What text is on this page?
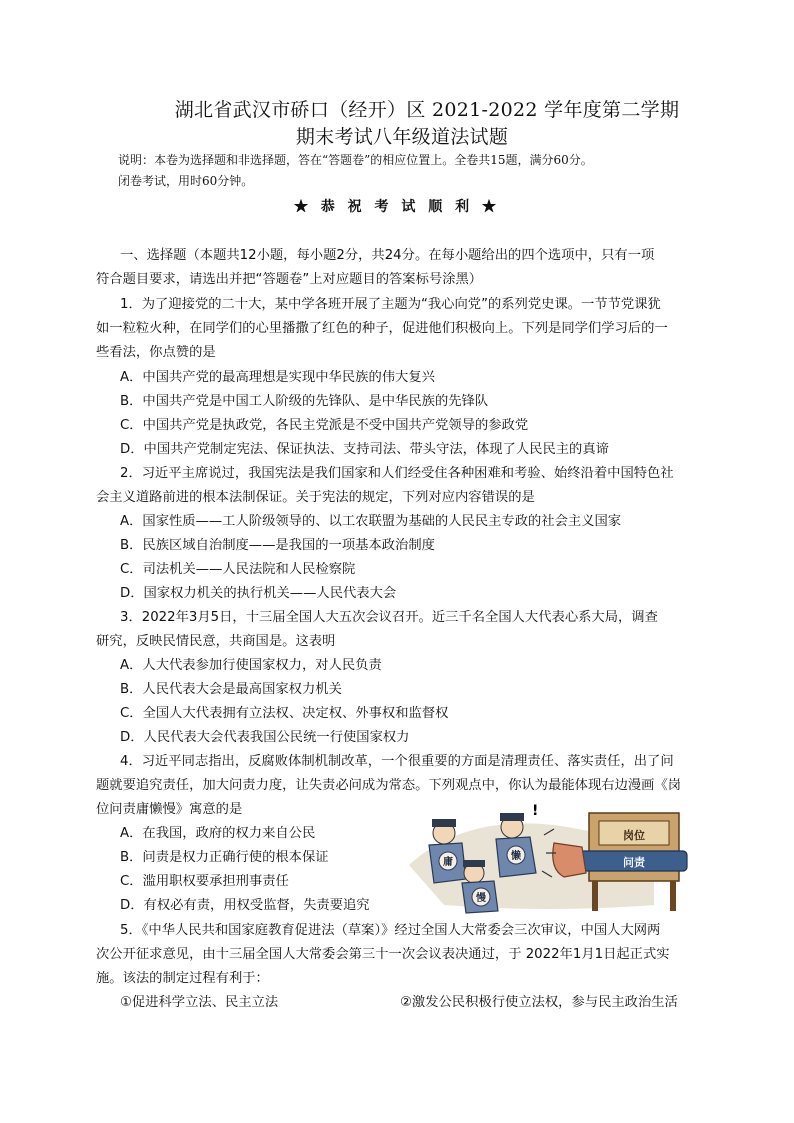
湖北省武汉市硚口（经开）区 2021-2022 学年度第二学期
期末考试八年级道法试题
说明：本卷为选择题和非选择题，答在“答题卷”的相应位置上。全卷共15题，满分60分。
闭卷考试，用时60分钟。
★ 恭 祝 考 试 顺 利 ★
一、选择题（本题共12小题，每小题2分，共24分。在每小题给出的四个选项中，只有一项
符合题目要求，请选出并把“答题卷”上对应题目的答案标号涂黑）
1．为了迎接党的二十大，某中学各班开展了主题为“我心向党”的系列党史课。一节节党课犹
如一粒粒火种，在同学们的心里播撒了红色的种子，促进他们积极向上。下列是同学们学习后的一
些看法，你点赞的是
A．中国共产党的最高理想是实现中华民族的伟大复兴
B．中国共产党是中国工人阶级的先锋队、是中华民族的先锋队
C．中国共产党是执政党，各民主党派是不受中国共产党领导的参政党
D．中国共产党制定宪法、保证执法、支持司法、带头守法，体现了人民民主的真谛
2．习近平主席说过，我国宪法是我们国家和人们经受住各种困难和考验、始终沿着中国特色社
会主义道路前进的根本法制保证。关于宪法的规定，下列对应内容错误的是
A．国家性质——工人阶级领导的、以工农联盟为基础的人民民主专政的社会主义国家
B．民族区域自治制度——是我国的一项基本政治制度
C．司法机关——人民法院和人民检察院
D．国家权力机关的执行机关——人民代表大会
3．2022年3月5日，十三届全国人大五次会议召开。近三千名全国人大代表心系大局，调查
研究，反映民情民意，共商国是。这表明
A．人大代表参加行使国家权力，对人民负责
B．人民代表大会是最高国家权力机关
C．全国人大代表拥有立法权、决定权、外事权和监督权
D．人民代表大会代表我国公民统一行使国家权力
4．习近平同志指出，反腐败体制机制改革，一个很重要的方面是清理责任、落实责任，出了问
题就要追究责任，加大问责力度，让失责必问成为常态。下列观点中，你认为最能体现右边漫画《岗
位问责庸懒慢》寓意的是
A．在我国，政府的权力来自公民
B．问责是权力正确行使的根本保证
C．滥用职权要承担刑事责任
D．有权必有责，用权受监督，失责要追究
岗位
问责
庸
懒
!
慢
5．《中华人民共和国家庭教育促进法（草案）》经过全国人大常委会三次审议，中国人大网两
次公开征求意见，由十三届全国人大常委会第三十一次会议表决通过，于 2022年1月1日起正式实
施。该法的制定过程有利于：
①促进科学立法、民主立法	②激发公民积极行使立法权，参与民主政治生活
